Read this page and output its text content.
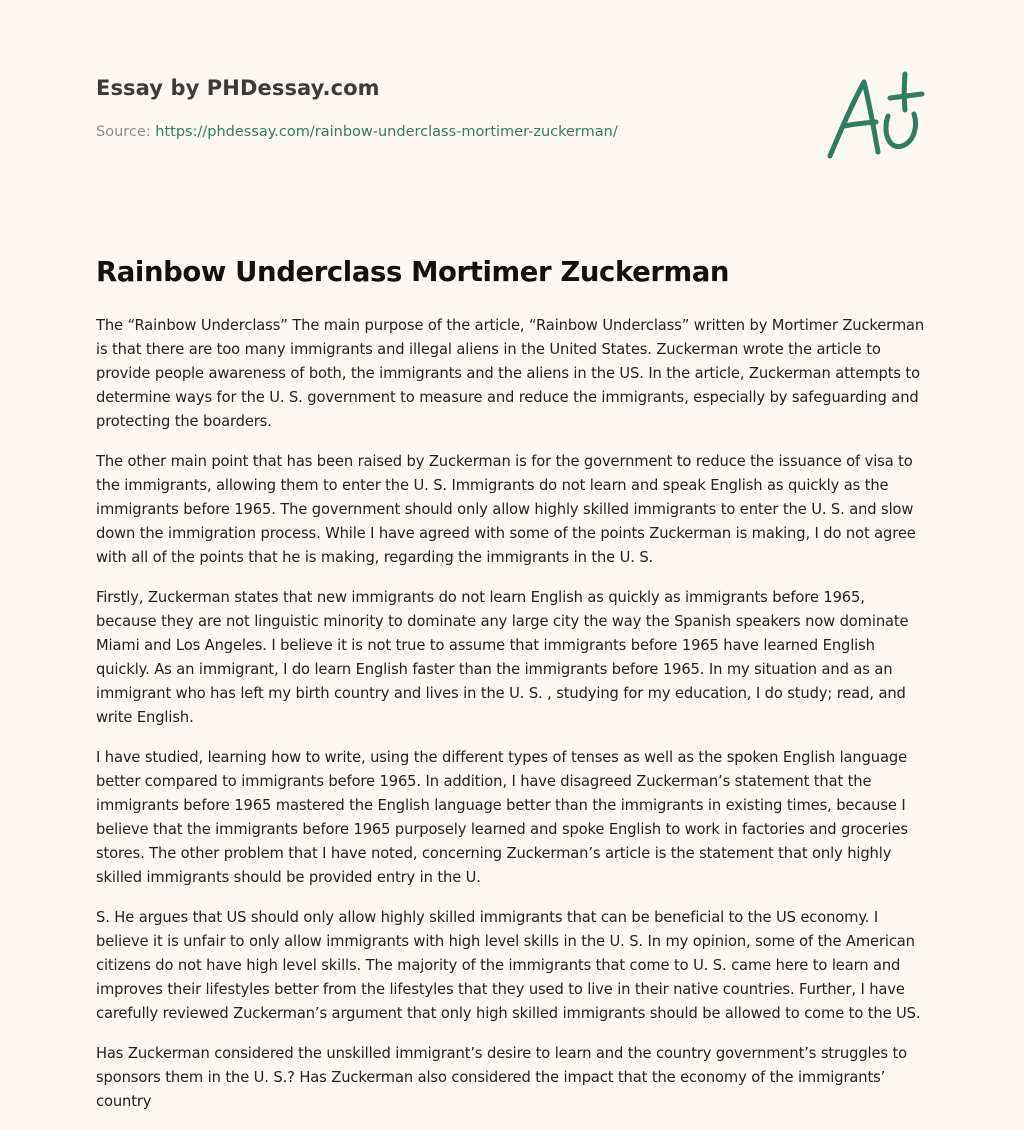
Essay by PHDessay.com
Source: https://phdessay.com/rainbow-underclass-mortimer-zuckerman/
Rainbow Underclass Mortimer Zuckerman

The “Rainbow Underclass” The main purpose of the article, “Rainbow Underclass” written by Mortimer Zuckerman is that there are too many immigrants and illegal aliens in the United States. Zuckerman wrote the article to provide people awareness of both, the immigrants and the aliens in the US. In the article, Zuckerman attempts to determine ways for the U. S. government to measure and reduce the immigrants, especially by safeguarding and protecting the boarders.

The other main point that has been raised by Zuckerman is for the government to reduce the issuance of visa to the immigrants, allowing them to enter the U. S. Immigrants do not learn and speak English as quickly as the immigrants before 1965. The government should only allow highly skilled immigrants to enter the U. S. and slow down the immigration process. While I have agreed with some of the points Zuckerman is making, I do not agree with all of the points that he is making, regarding the immigrants in the U. S.

Firstly, Zuckerman states that new immigrants do not learn English as quickly as immigrants before 1965, because they are not linguistic minority to dominate any large city the way the Spanish speakers now dominate Miami and Los Angeles. I believe it is not true to assume that immigrants before 1965 have learned English quickly. As an immigrant, I do learn English faster than the immigrants before 1965. In my situation and as an immigrant who has left my birth country and lives in the U. S. , studying for my education, I do study; read, and write English.

I have studied, learning how to write, using the different types of tenses as well as the spoken English language better compared to immigrants before 1965. In addition, I have disagreed Zuckerman’s statement that the immigrants before 1965 mastered the English language better than the immigrants in existing times, because I believe that the immigrants before 1965 purposely learned and spoke English to work in factories and groceries stores. The other problem that I have noted, concerning Zuckerman’s article is the statement that only highly skilled immigrants should be provided entry in the U.

S. He argues that US should only allow highly skilled immigrants that can be beneficial to the US economy. I believe it is unfair to only allow immigrants with high level skills in the U. S. In my opinion, some of the American citizens do not have high level skills. The majority of the immigrants that come to U. S. came here to learn and improves their lifestyles better from the lifestyles that they used to live in their native countries. Further, I have carefully reviewed Zuckerman’s argument that only high skilled immigrants should be allowed to come to the US.

Has Zuckerman considered the unskilled immigrant’s desire to learn and the country government’s struggles to sponsors them in the U. S.? Has Zuckerman also considered the impact that the economy of the immigrants’ country
